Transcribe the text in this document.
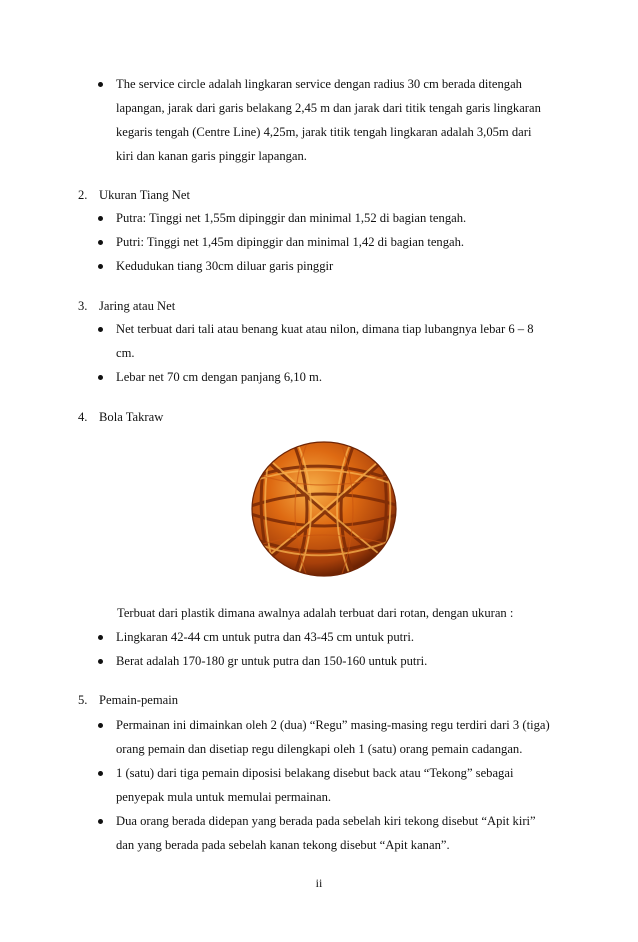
The service circle adalah lingkaran service dengan radius 30 cm berada ditengah
lapangan, jarak dari garis belakang 2,45 m dan jarak dari titik tengah garis lingkaran
kegaris tengah (Centre Line) 4,25m, jarak titik tengah lingkaran adalah 3,05m dari
kiri dan kanan garis pinggir lapangan.
2. Ukuran Tiang Net
Putra: Tinggi net 1,55m dipinggir dan minimal 1,52 di bagian tengah.
Putri: Tinggi net 1,45m dipinggir dan minimal 1,42 di bagian tengah.
Kedudukan tiang 30cm diluar garis pinggir
3. Jaring atau Net
Net terbuat dari tali atau benang kuat atau nilon, dimana tiap lubangnya lebar 6 – 8
cm.
Lebar net 70 cm dengan panjang 6,10 m.
4. Bola Takraw
Terbuat dari plastik dimana awalnya adalah terbuat dari rotan, dengan ukuran :
Lingkaran 42-44 cm untuk putra dan 43-45 cm untuk putri.
Berat adalah 170-180 gr untuk putra dan 150-160 untuk putri.
5. Pemain-pemain
Permainan ini dimainkan oleh 2 (dua) “Regu” masing-masing regu terdiri dari 3 (tiga)
orang pemain dan disetiap regu dilengkapi oleh 1 (satu) orang pemain cadangan.
1 (satu) dari tiga pemain diposisi belakang disebut back atau “Tekong” sebagai
penyepak mula untuk memulai permainan.
Dua orang berada didepan yang berada pada sebelah kiri tekong disebut “Apit kiri”
dan yang berada pada sebelah kanan tekong disebut “Apit kanan”.
ii
